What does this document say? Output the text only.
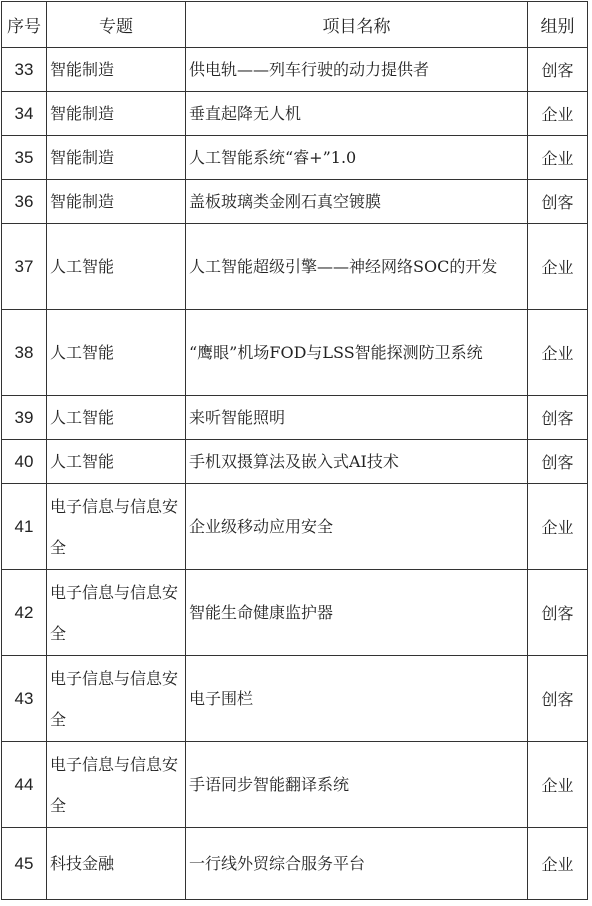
序号	专题	项目名称	组别
33	智能制造	供电轨——列车行驶的动力提供者	创客
34	智能制造	垂直起降无人机	企业
35	智能制造	人工智能系统“睿+”1.0	企业
36	智能制造	盖板玻璃类金刚石真空镀膜	创客
37	人工智能	人工智能超级引擎——神经网络SOC的开发	企业
38	人工智能	“鹰眼”机场FOD与LSS智能探测防卫系统	企业
39	人工智能	来听智能照明	创客
40	人工智能	手机双摄算法及嵌入式AI技术	创客
41	电子信息与信息安全	企业级移动应用安全	企业
42	电子信息与信息安全	智能生命健康监护器	创客
43	电子信息与信息安全	电子围栏	创客
44	电子信息与信息安全	手语同步智能翻译系统	企业
45	科技金融	一行线外贸综合服务平台	企业
